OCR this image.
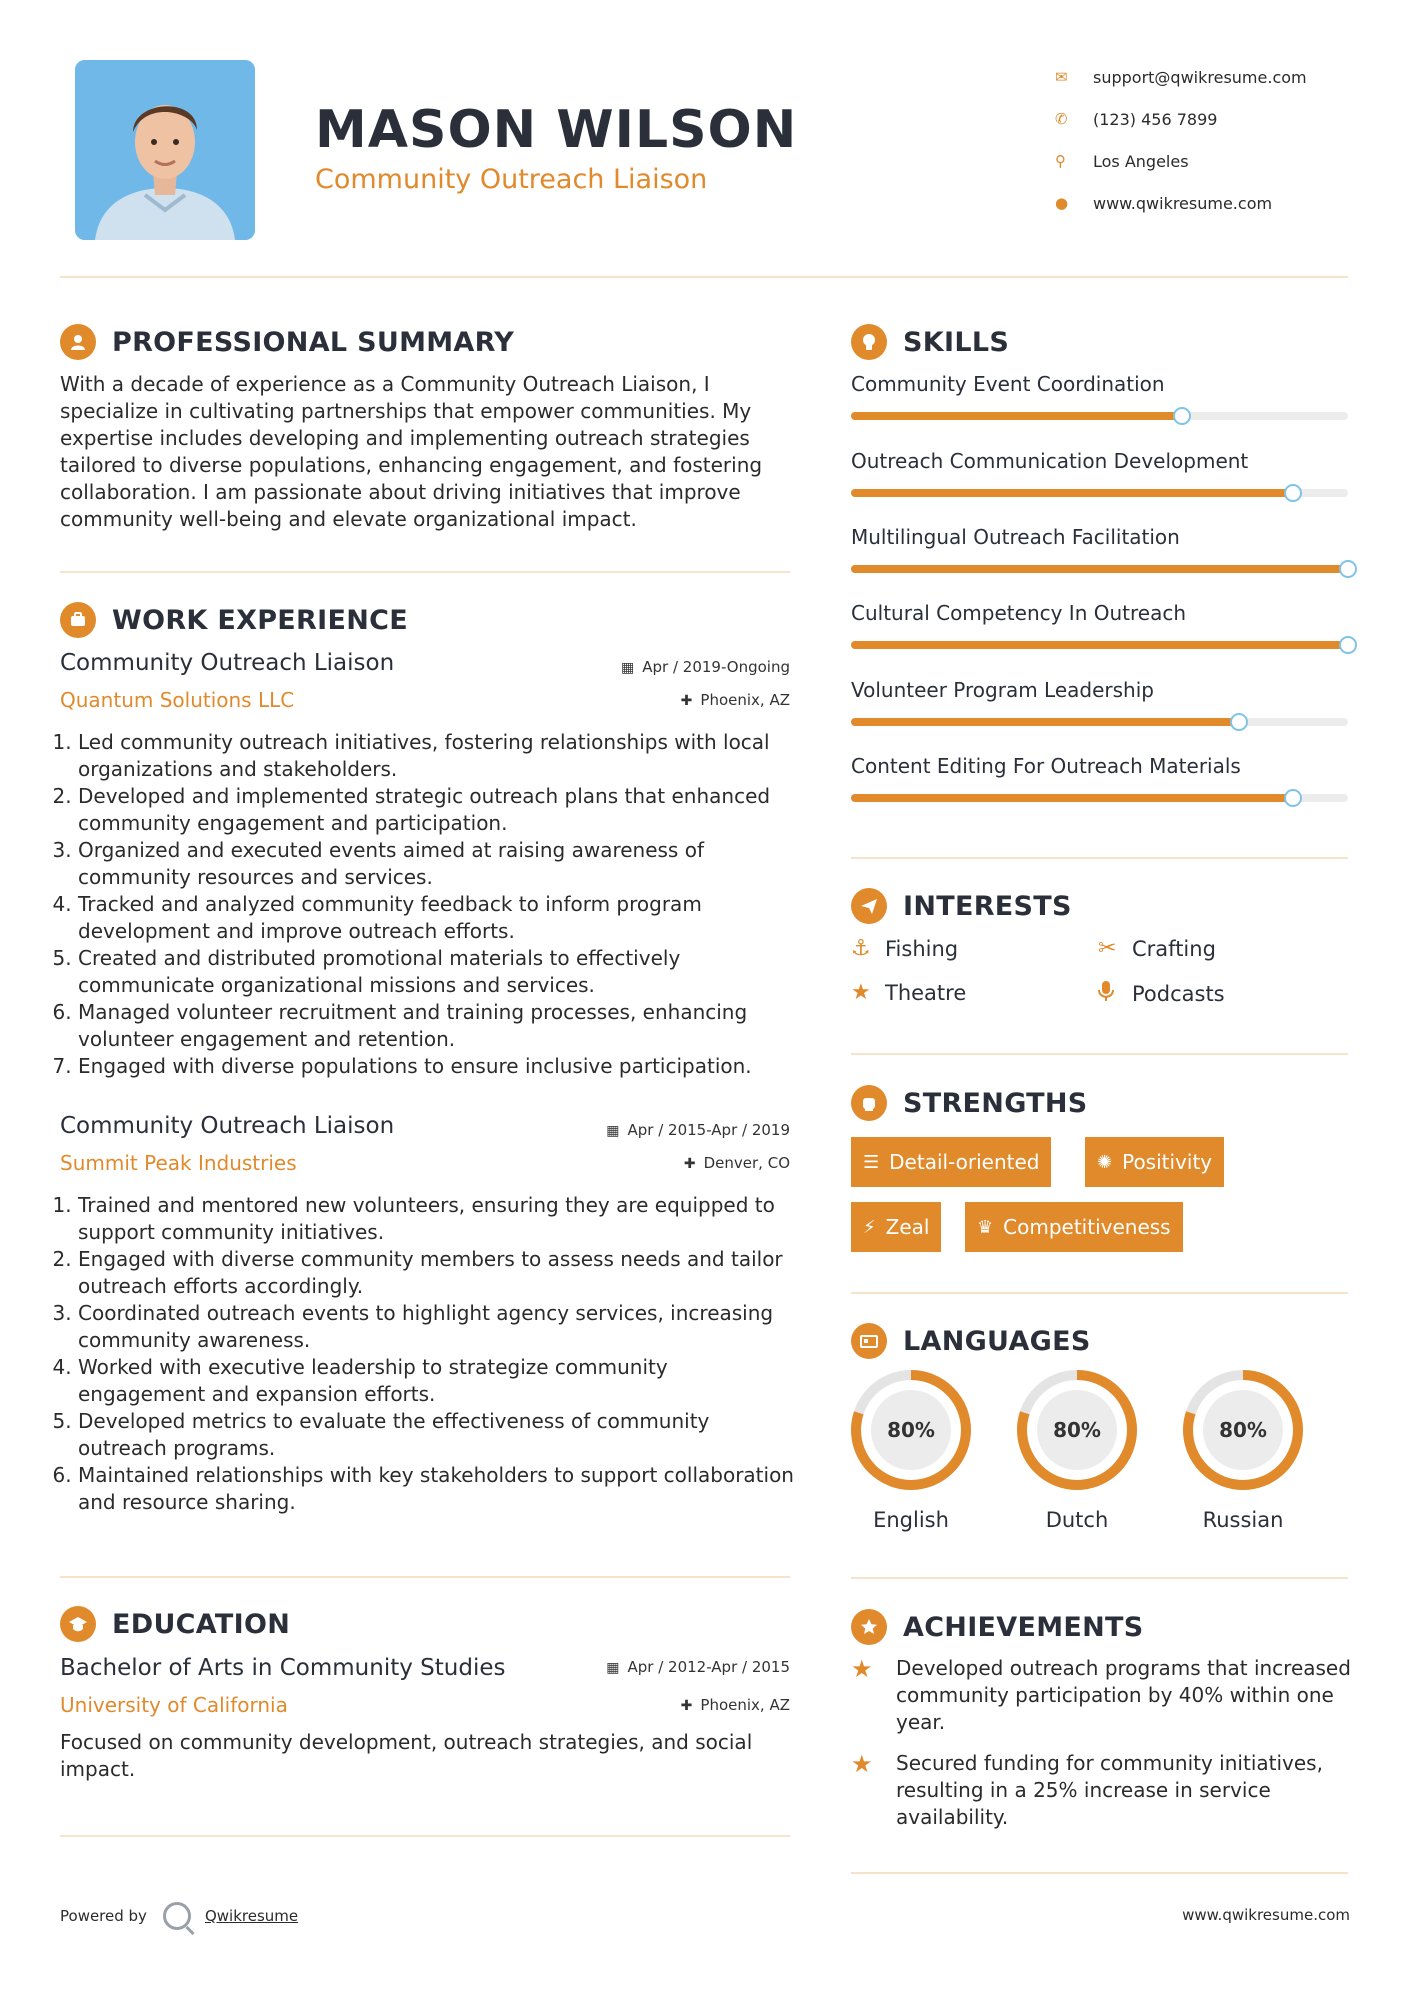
MASON WILSON
Community Outreach Liaison
✉	support@qwikresume.com
✆	(123) 456 7899
⚲	Los Angeles
●	www.qwikresume.com
PROFESSIONAL SUMMARY
With a decade of experience as a Community Outreach Liaison, I specialize in cultivating partnerships that empower communities. My expertise includes developing and implementing outreach strategies tailored to diverse populations, enhancing engagement, and fostering collaboration. I am passionate about driving initiatives that improve community well-being and elevate organizational impact.
WORK EXPERIENCE
Community Outreach Liaison	▦ Apr / 2019-Ongoing
Quantum Solutions LLC	✚ Phoenix, AZ
1. Led community outreach initiatives, fostering relationships with local organizations and stakeholders.
2. Developed and implemented strategic outreach plans that enhanced community engagement and participation.
3. Organized and executed events aimed at raising awareness of community resources and services.
4. Tracked and analyzed community feedback to inform program development and improve outreach efforts.
5. Created and distributed promotional materials to effectively communicate organizational missions and services.
6. Managed volunteer recruitment and training processes, enhancing volunteer engagement and retention.
7. Engaged with diverse populations to ensure inclusive participation.
Community Outreach Liaison	▦ Apr / 2015-Apr / 2019
Summit Peak Industries	✚ Denver, CO
1. Trained and mentored new volunteers, ensuring they are equipped to support community initiatives.
2. Engaged with diverse community members to assess needs and tailor outreach efforts accordingly.
3. Coordinated outreach events to highlight agency services, increasing community awareness.
4. Worked with executive leadership to strategize community engagement and expansion efforts.
5. Developed metrics to evaluate the effectiveness of community outreach programs.
6. Maintained relationships with key stakeholders to support collaboration and resource sharing.
EDUCATION
Bachelor of Arts in Community Studies	▦ Apr / 2012-Apr / 2015
University of California	✚ Phoenix, AZ
Focused on community development, outreach strategies, and social impact.
SKILLS
Community Event Coordination
Outreach Communication Development
Multilingual Outreach Facilitation
Cultural Competency In Outreach
Volunteer Program Leadership
Content Editing For Outreach Materials
INTERESTS
⚓ Fishing	✂ Crafting
★ Theatre	Podcasts
STRENGTHS
☰ Detail-oriented	✺ Positivity
⚡ Zeal	♛ Competitiveness
LANGUAGES
80%
English
80%
Dutch
80%
Russian
ACHIEVEMENTS
★	Developed outreach programs that increased community participation by 40% within one year.
★	Secured funding for community initiatives, resulting in a 25% increase in service availability.
Powered by	Qwikresume	www.qwikresume.com
